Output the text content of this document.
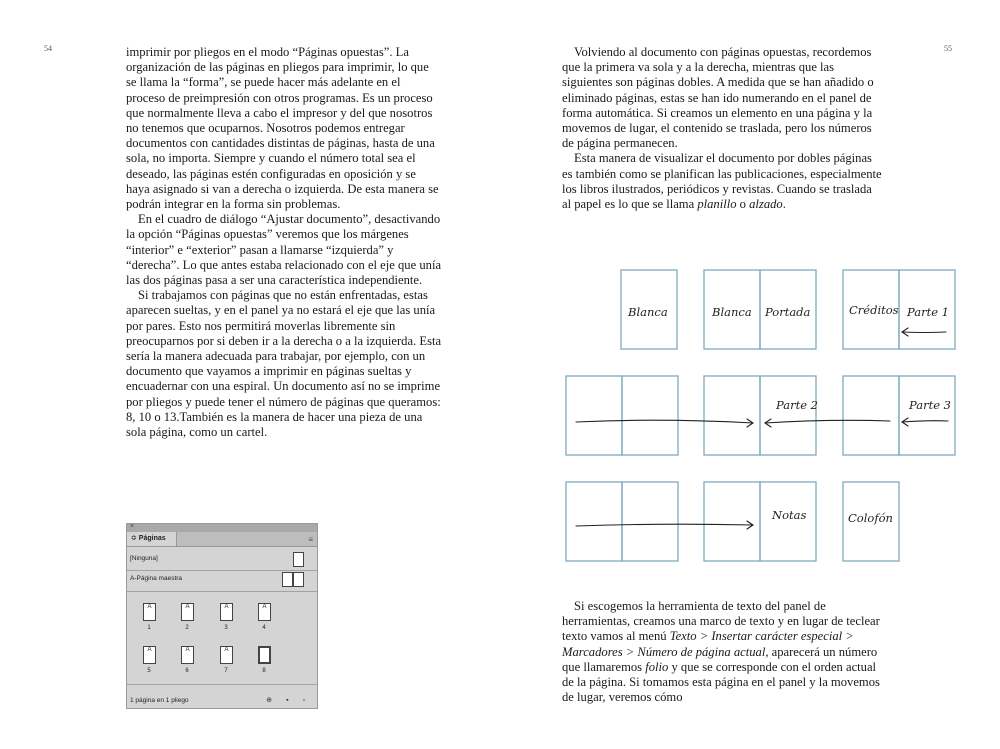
54	55

imprimir por pliegos en el modo “Páginas opuestas”. La organización de las páginas en pliegos para imprimir, lo que se llama la “forma”, se puede hacer más adelante en el proceso de preimpresión con otros programas. Es un proceso que normalmente lleva a cabo el impresor y del que nosotros no tenemos que ocuparnos. Nosotros podemos entregar documentos con cantidades distintas de páginas, hasta de una sola, no importa. Siempre y cuando el número total sea el deseado, las páginas estén configuradas en oposición y se haya asignado si van a derecha o izquierda. De esta manera se podrán integrar en la forma sin problemas.

En el cuadro de diálogo “Ajustar documento”, desactivando la opción “Páginas opuestas” veremos que los márgenes “interior” e “exterior” pasan a llamarse “izquierda” y “derecha”. Lo que antes estaba relacionado con el eje que unía las dos páginas pasa a ser una característica independiente.

Si trabajamos con páginas que no están enfrentadas, estas aparecen sueltas, y en el panel ya no estará el eje que las unía por pares. Esto nos permitirá moverlas libremente sin preocuparnos por si deben ir a la derecha o a la izquierda. Esta sería la manera adecuada para trabajar, por ejemplo, con un documento que vayamos a imprimir en páginas sueltas y encuadernar con una espiral. Un documento así no se imprime por pliegos y puede tener el número de páginas que queramos: 8, 10 o 13.También es la manera de hacer una pieza de una sola página, como un cartel.

×
≎ Páginas	≡
[Ninguna]
A-Página maestra
A	A	A	A
1	2	3	4
A	A	A
5	6	7	8
1 página en 1 pliego	⊕ ▪ ▫

Volviendo al documento con páginas opuestas, recordemos que la primera va sola y a la derecha, mientras que las siguientes son páginas dobles. A medida que se han añadido o eliminado páginas, estas se han ido numerando en el panel de forma automática. Si creamos un elemento en una página y la movemos de lugar, el contenido se traslada, pero los números de página permanecen.

Esta manera de visualizar el documento por dobles páginas es también como se planifican las publicaciones, especialmente los libros ilustrados, periódicos y revistas. Cuando se traslada al papel es lo que se llama planillo o alzado.

Blanca	Blanca Portada	Créditos Parte 1
Parte 2	Parte 3
Notas	Colofón

Si escogemos la herramienta de texto del panel de herramientas, creamos una marco de texto y en lugar de teclear texto vamos al menú Texto > Insertar carácter especial > Marcadores > Número de página actual, aparecerá un número que llamaremos folio y que se corresponde con el orden actual de la página. Si tomamos esta página en el panel y la movemos de lugar, veremos cómo
